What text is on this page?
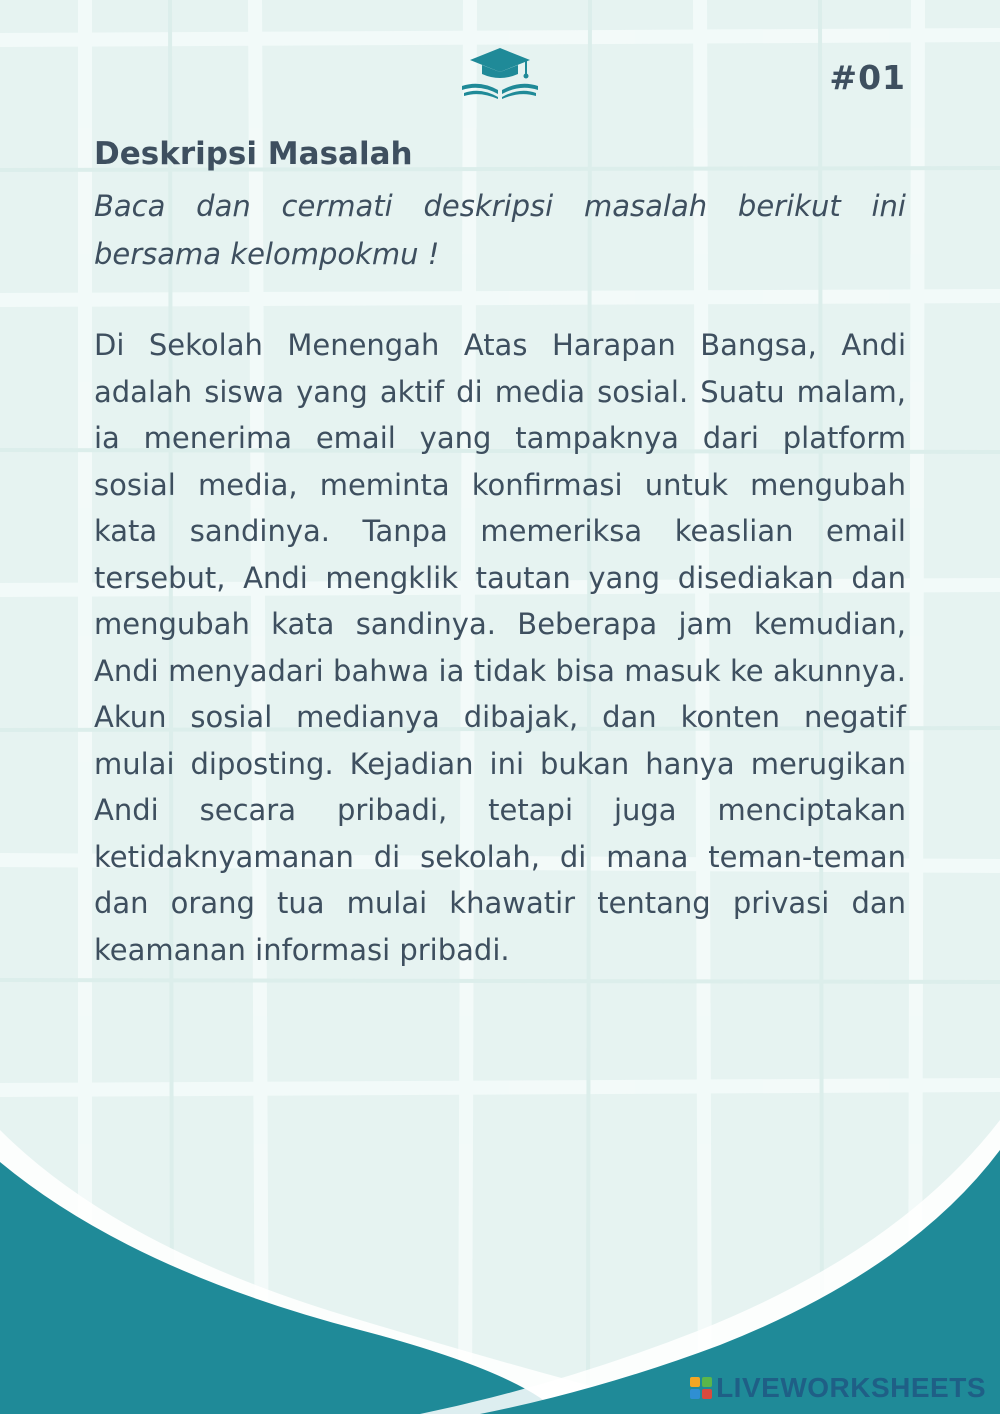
#01
Deskripsi Masalah

Baca dan cermati deskripsi masalah berikut ini bersama kelompokmu !

Di Sekolah Menengah Atas Harapan Bangsa, Andi adalah siswa yang aktif di media sosial. Suatu malam, ia menerima email yang tampaknya dari platform sosial media, meminta konfirmasi untuk mengubah kata sandinya. Tanpa memeriksa keaslian email tersebut, Andi mengklik tautan yang disediakan dan mengubah kata sandinya. Beberapa jam kemudian, Andi menyadari bahwa ia tidak bisa masuk ke akunnya. Akun sosial medianya dibajak, dan konten negatif mulai diposting. Kejadian ini bukan hanya merugikan Andi secara pribadi, tetapi juga menciptakan ketidaknyamanan di sekolah, di mana teman-teman dan orang tua mulai khawatir tentang privasi dan keamanan informasi pribadi.

LIVEWORKSHEETS
